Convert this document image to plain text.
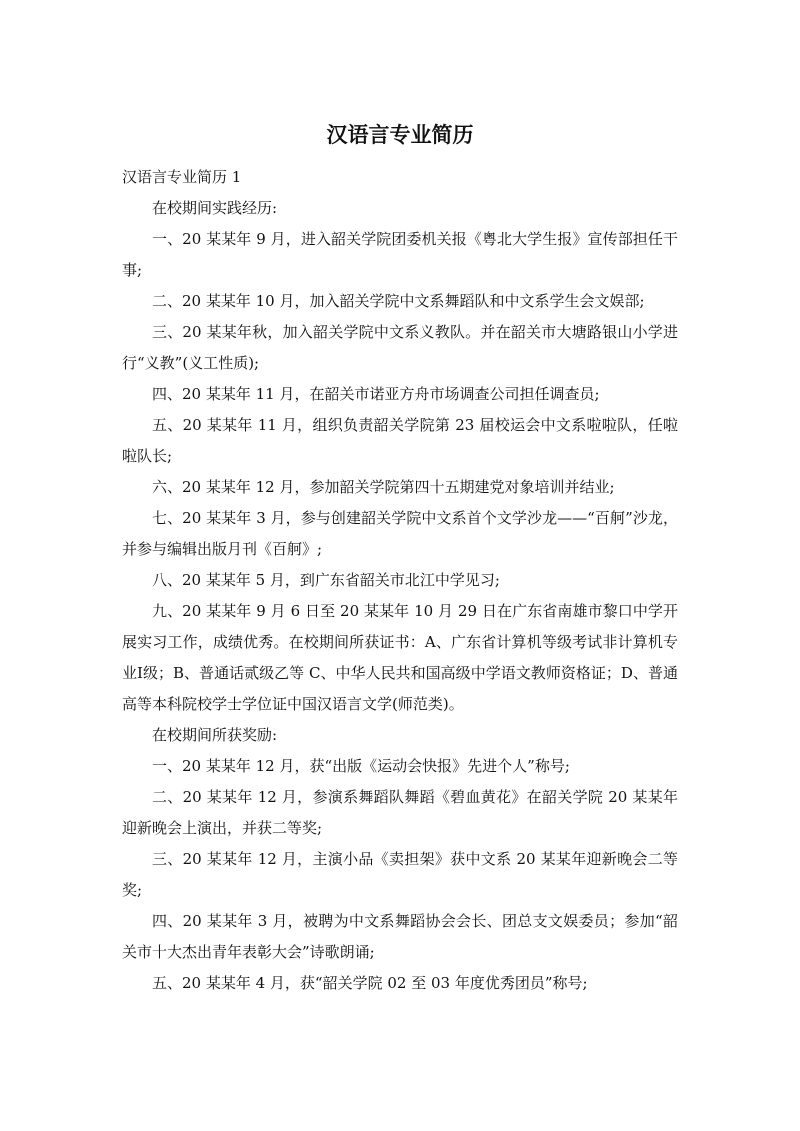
汉语言专业简历

汉语言专业简历 1

在校期间实践经历:

一、20 某某年 9 月，进入韶关学院团委机关报《粤北大学生报》宣传部担任干事;

二、20 某某年 10 月，加入韶关学院中文系舞蹈队和中文系学生会文娱部;

三、20 某某年秋，加入韶关学院中文系义教队。并在韶关市大塘路银山小学进行“义教”(义工性质);

四、20 某某年 11 月，在韶关市诺亚方舟市场调查公司担任调查员;

五、20 某某年 11 月，组织负责韶关学院第 23 届校运会中文系啦啦队，任啦啦队长;

六、20 某某年 12 月，参加韶关学院第四十五期建党对象培训并结业;

七、20 某某年 3 月，参与创建韶关学院中文系首个文学沙龙——“百舸”沙龙，并参与编辑出版月刊《百舸》;

八、20 某某年 5 月，到广东省韶关市北江中学见习;

九、20 某某年 9 月 6 日至 20 某某年 10 月 29 日在广东省南雄市黎口中学开展实习工作，成绩优秀。在校期间所获证书：A、广东省计算机等级考试非计算机专业Ⅰ级；B、普通话贰级乙等 C、中华人民共和国高级中学语文教师资格证；D、普通高等本科院校学士学位证中国汉语言文学(师范类)。

在校期间所获奖励:

一、20 某某年 12 月，获“出版《运动会快报》先进个人”称号;

二、20 某某年 12 月，参演系舞蹈队舞蹈《碧血黄花》在韶关学院 20 某某年迎新晚会上演出，并获二等奖;

三、20 某某年 12 月，主演小品《卖担架》获中文系 20 某某年迎新晚会二等奖;

四、20 某某年 3 月，被聘为中文系舞蹈协会会长、团总支文娱委员；参加“韶关市十大杰出青年表彰大会”诗歌朗诵;

五、20 某某年 4 月，获“韶关学院 02 至 03 年度优秀团员”称号;
